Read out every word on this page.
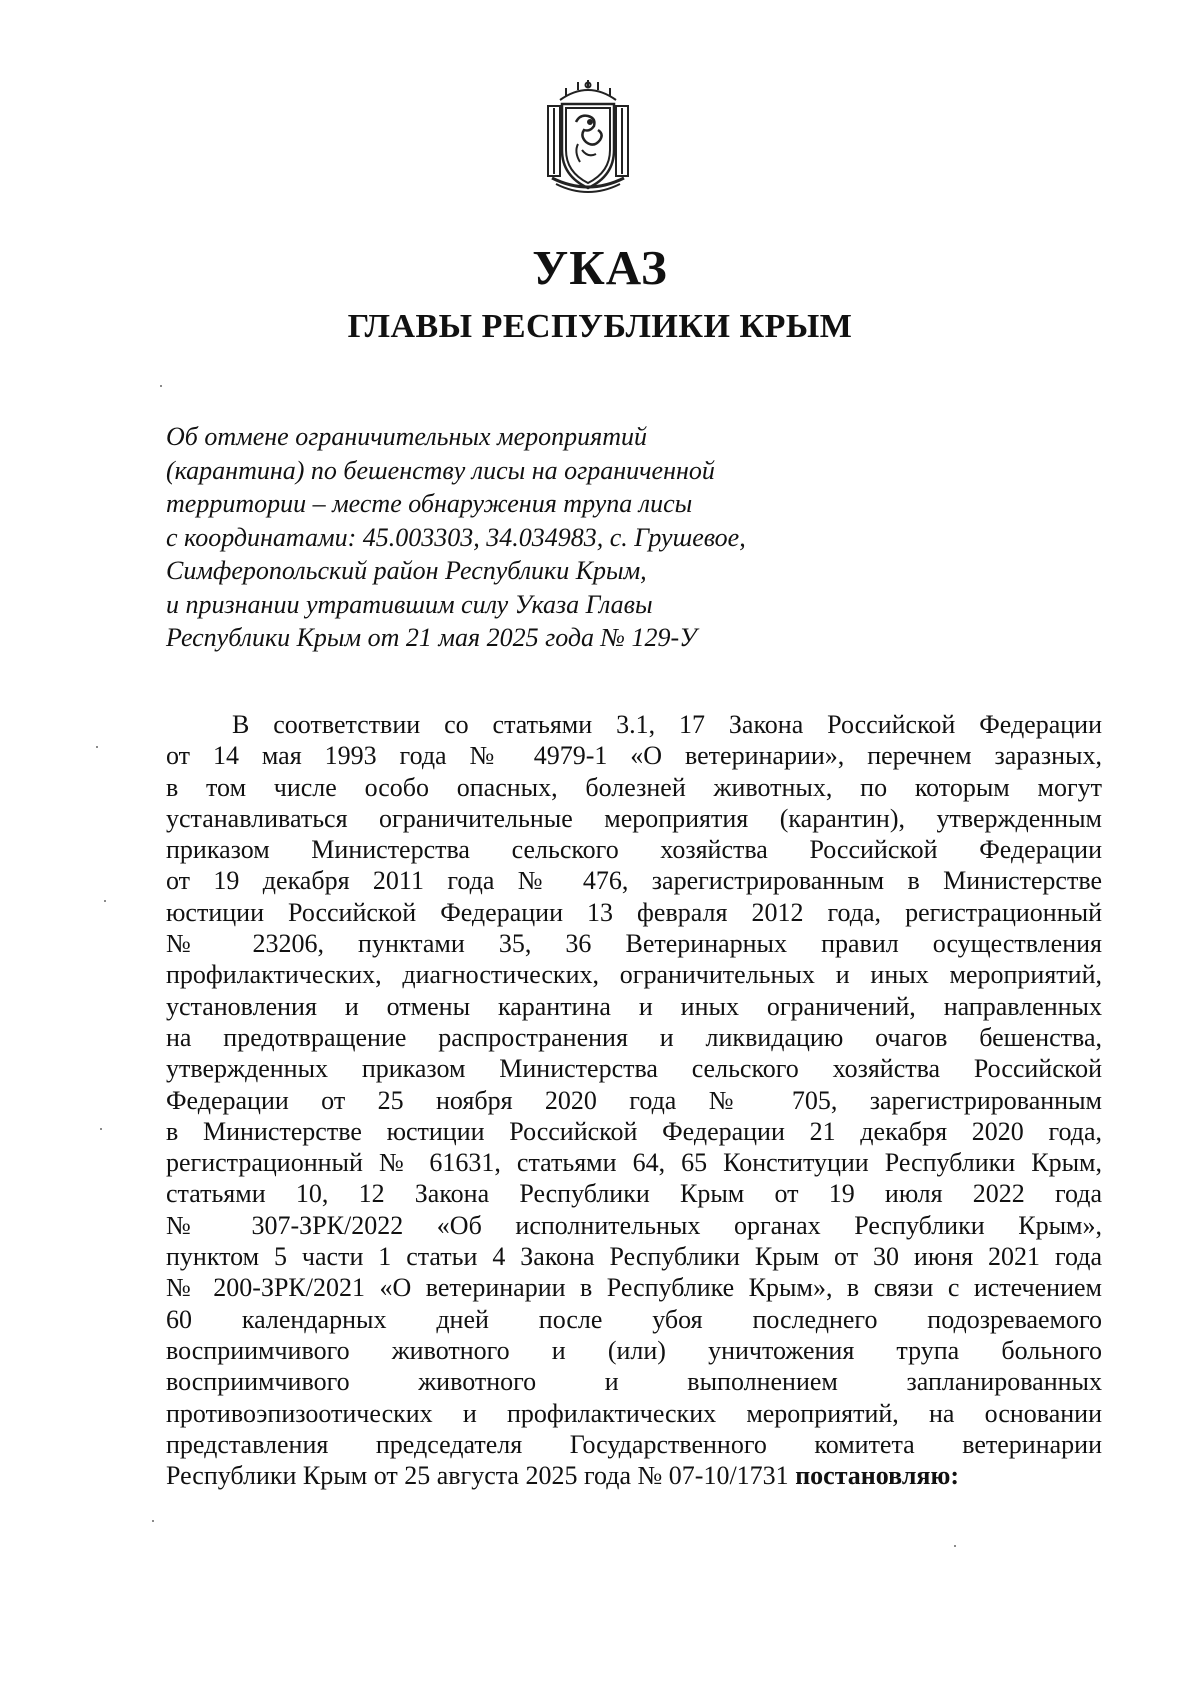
УКАЗ
ГЛАВЫ РЕСПУБЛИКИ КРЫМ
Об отмене ограничительных мероприятий
(карантина) по бешенству лисы на ограниченной
территории – месте обнаружения трупа лисы
с координатами: 45.003303, 34.034983, с. Грушевое,
Симферопольский район Республики Крым,
и признании утратившим силу Указа Главы
Республики Крым от 21 мая 2025 года № 129-У
В соответствии со статьями 3.1, 17 Закона Российской Федерации
от 14 мая 1993 года № 4979-1 «О ветеринарии», перечнем заразных,
в том числе особо опасных, болезней животных, по которым могут
устанавливаться ограничительные мероприятия (карантин), утвержденным
приказом Министерства сельского хозяйства Российской Федерации
от 19 декабря 2011 года № 476, зарегистрированным в Министерстве
юстиции Российской Федерации 13 февраля 2012 года, регистрационный
№ 23206, пунктами 35, 36 Ветеринарных правил осуществления
профилактических, диагностических, ограничительных и иных мероприятий,
установления и отмены карантина и иных ограничений, направленных
на предотвращение распространения и ликвидацию очагов бешенства,
утвержденных приказом Министерства сельского хозяйства Российской
Федерации от 25 ноября 2020 года № 705, зарегистрированным
в Министерстве юстиции Российской Федерации 21 декабря 2020 года,
регистрационный № 61631, статьями 64, 65 Конституции Республики Крым,
статьями 10, 12 Закона Республики Крым от 19 июля 2022 года
№ 307-ЗРК/2022 «Об исполнительных органах Республики Крым»,
пунктом 5 части 1 статьи 4 Закона Республики Крым от 30 июня 2021 года
№ 200-ЗРК/2021 «О ветеринарии в Республике Крым», в связи с истечением
60 календарных дней после убоя последнего подозреваемого
восприимчивого животного и (или) уничтожения трупа больного
восприимчивого животного и выполнением запланированных
противоэпизоотических и профилактических мероприятий, на основании
представления председателя Государственного комитета ветеринарии
Республики Крым от 25 августа 2025 года № 07-10/1731 постановляю:
